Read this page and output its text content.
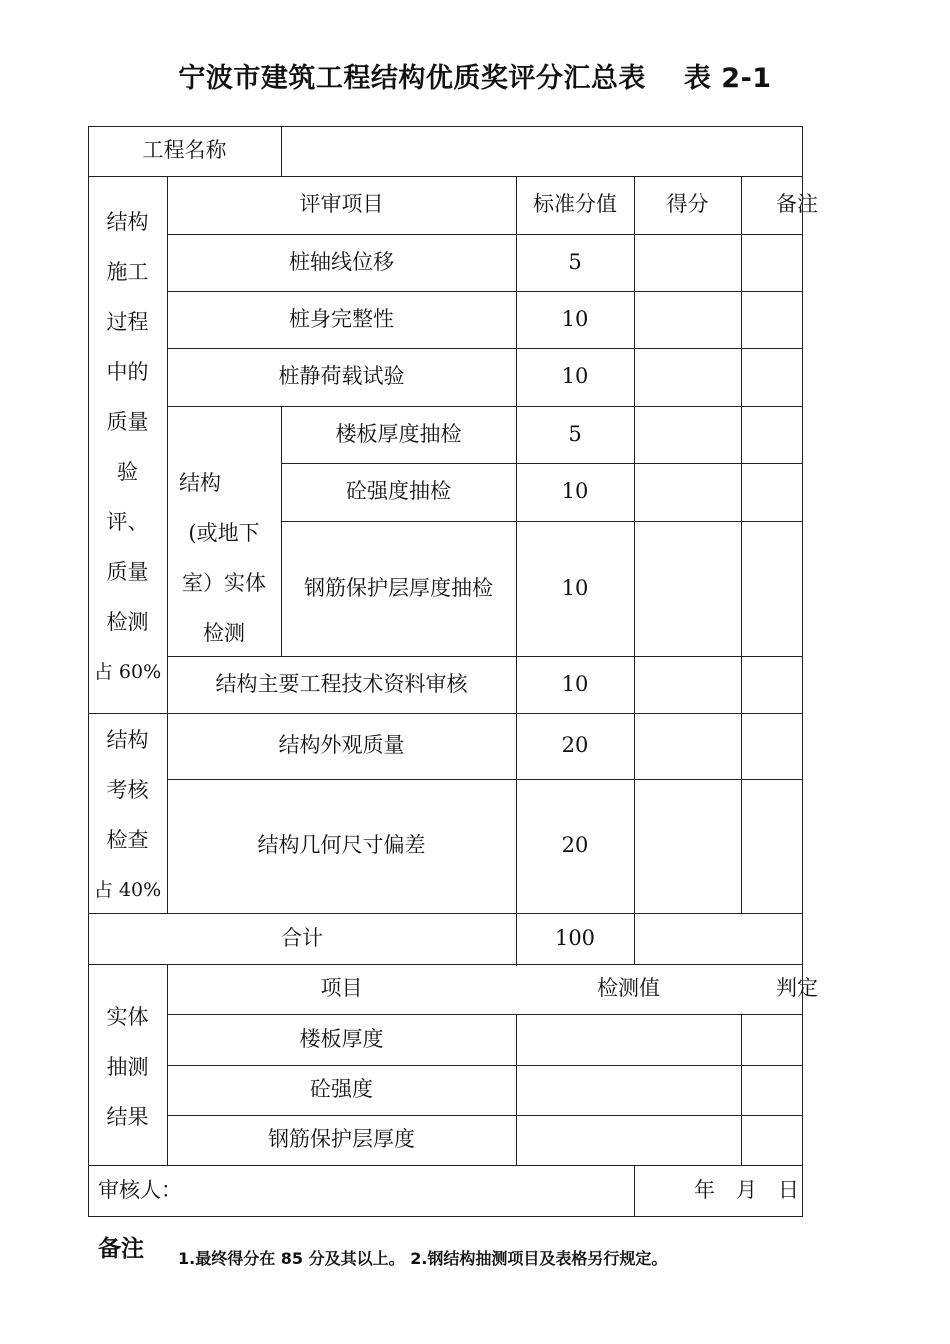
宁波市建筑工程结构优质奖评分汇总表 表 2-1
工程名称
评审项目	标准分值	得分	备注
结构
施工
过程
中的
质量
验
评、
质量
检测
占 60%
桩轴线位移	5
桩身完整性	10
桩静荷载试验	10
结构
(或地下
室）实体
检测
楼板厚度抽检	5
砼强度抽检	10
钢筋保护层厚度抽检	10
结构主要工程技术资料审核	10
结构
考核
检查
占 40%
结构外观质量	20
结构几何尺寸偏差	20
合计	100
实体
抽测
结果
项目	检测值	判定
楼板厚度
砼强度
钢筋保护层厚度
审核人：	年　月　日
备注 1.最终得分在 85 分及其以上。 2.钢结构抽测项目及表格另行规定。
